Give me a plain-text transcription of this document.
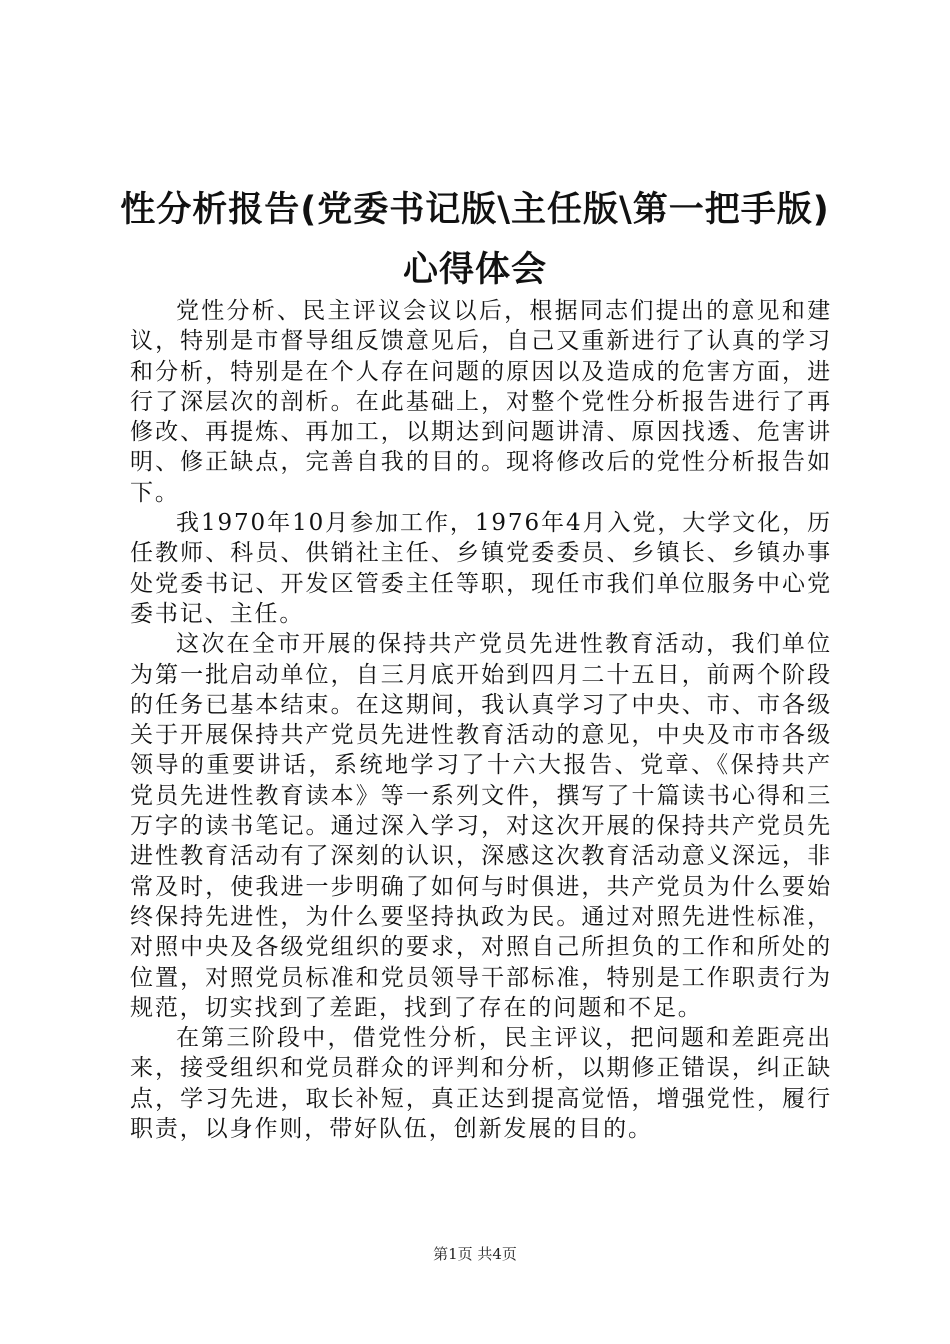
性分析报告(党委书记版\主任版\第一把手版)
心得体会

党性分析、民主评议会议以后，根据同志们提出的意见和建议，特别是市督导组反馈意见后，自己又重新进行了认真的学习和分析，特别是在个人存在问题的原因以及造成的危害方面，进行了深层次的剖析。在此基础上，对整个党性分析报告进行了再修改、再提炼、再加工，以期达到问题讲清、原因找透、危害讲明、修正缺点，完善自我的目的。现将修改后的党性分析报告如下。

我1970年10月参加工作，1976年4月入党，大学文化，历任教师、科员、供销社主任、乡镇党委委员、乡镇长、乡镇办事处党委书记、开发区管委主任等职，现任市我们单位服务中心党委书记、主任。

这次在全市开展的保持共产党员先进性教育活动，我们单位为第一批启动单位，自三月底开始到四月二十五日，前两个阶段的任务已基本结束。在这期间，我认真学习了中央、市、市各级关于开展保持共产党员先进性教育活动的意见，中央及市市各级领导的重要讲话，系统地学习了十六大报告、党章、《保持共产党员先进性教育读本》等一系列文件，撰写了十篇读书心得和三万字的读书笔记。通过深入学习，对这次开展的保持共产党员先进性教育活动有了深刻的认识，深感这次教育活动意义深远，非常及时，使我进一步明确了如何与时俱进，共产党员为什么要始终保持先进性，为什么要坚持执政为民。通过对照先进性标准，对照中央及各级党组织的要求，对照自己所担负的工作和所处的位置，对照党员标准和党员领导干部标准，特别是工作职责行为规范，切实找到了差距，找到了存在的问题和不足。

在第三阶段中，借党性分析，民主评议，把问题和差距亮出来，接受组织和党员群众的评判和分析，以期修正错误，纠正缺点，学习先进，取长补短，真正达到提高觉悟，增强党性，履行职责，以身作则，带好队伍，创新发展的目的。

第1页 共4页
